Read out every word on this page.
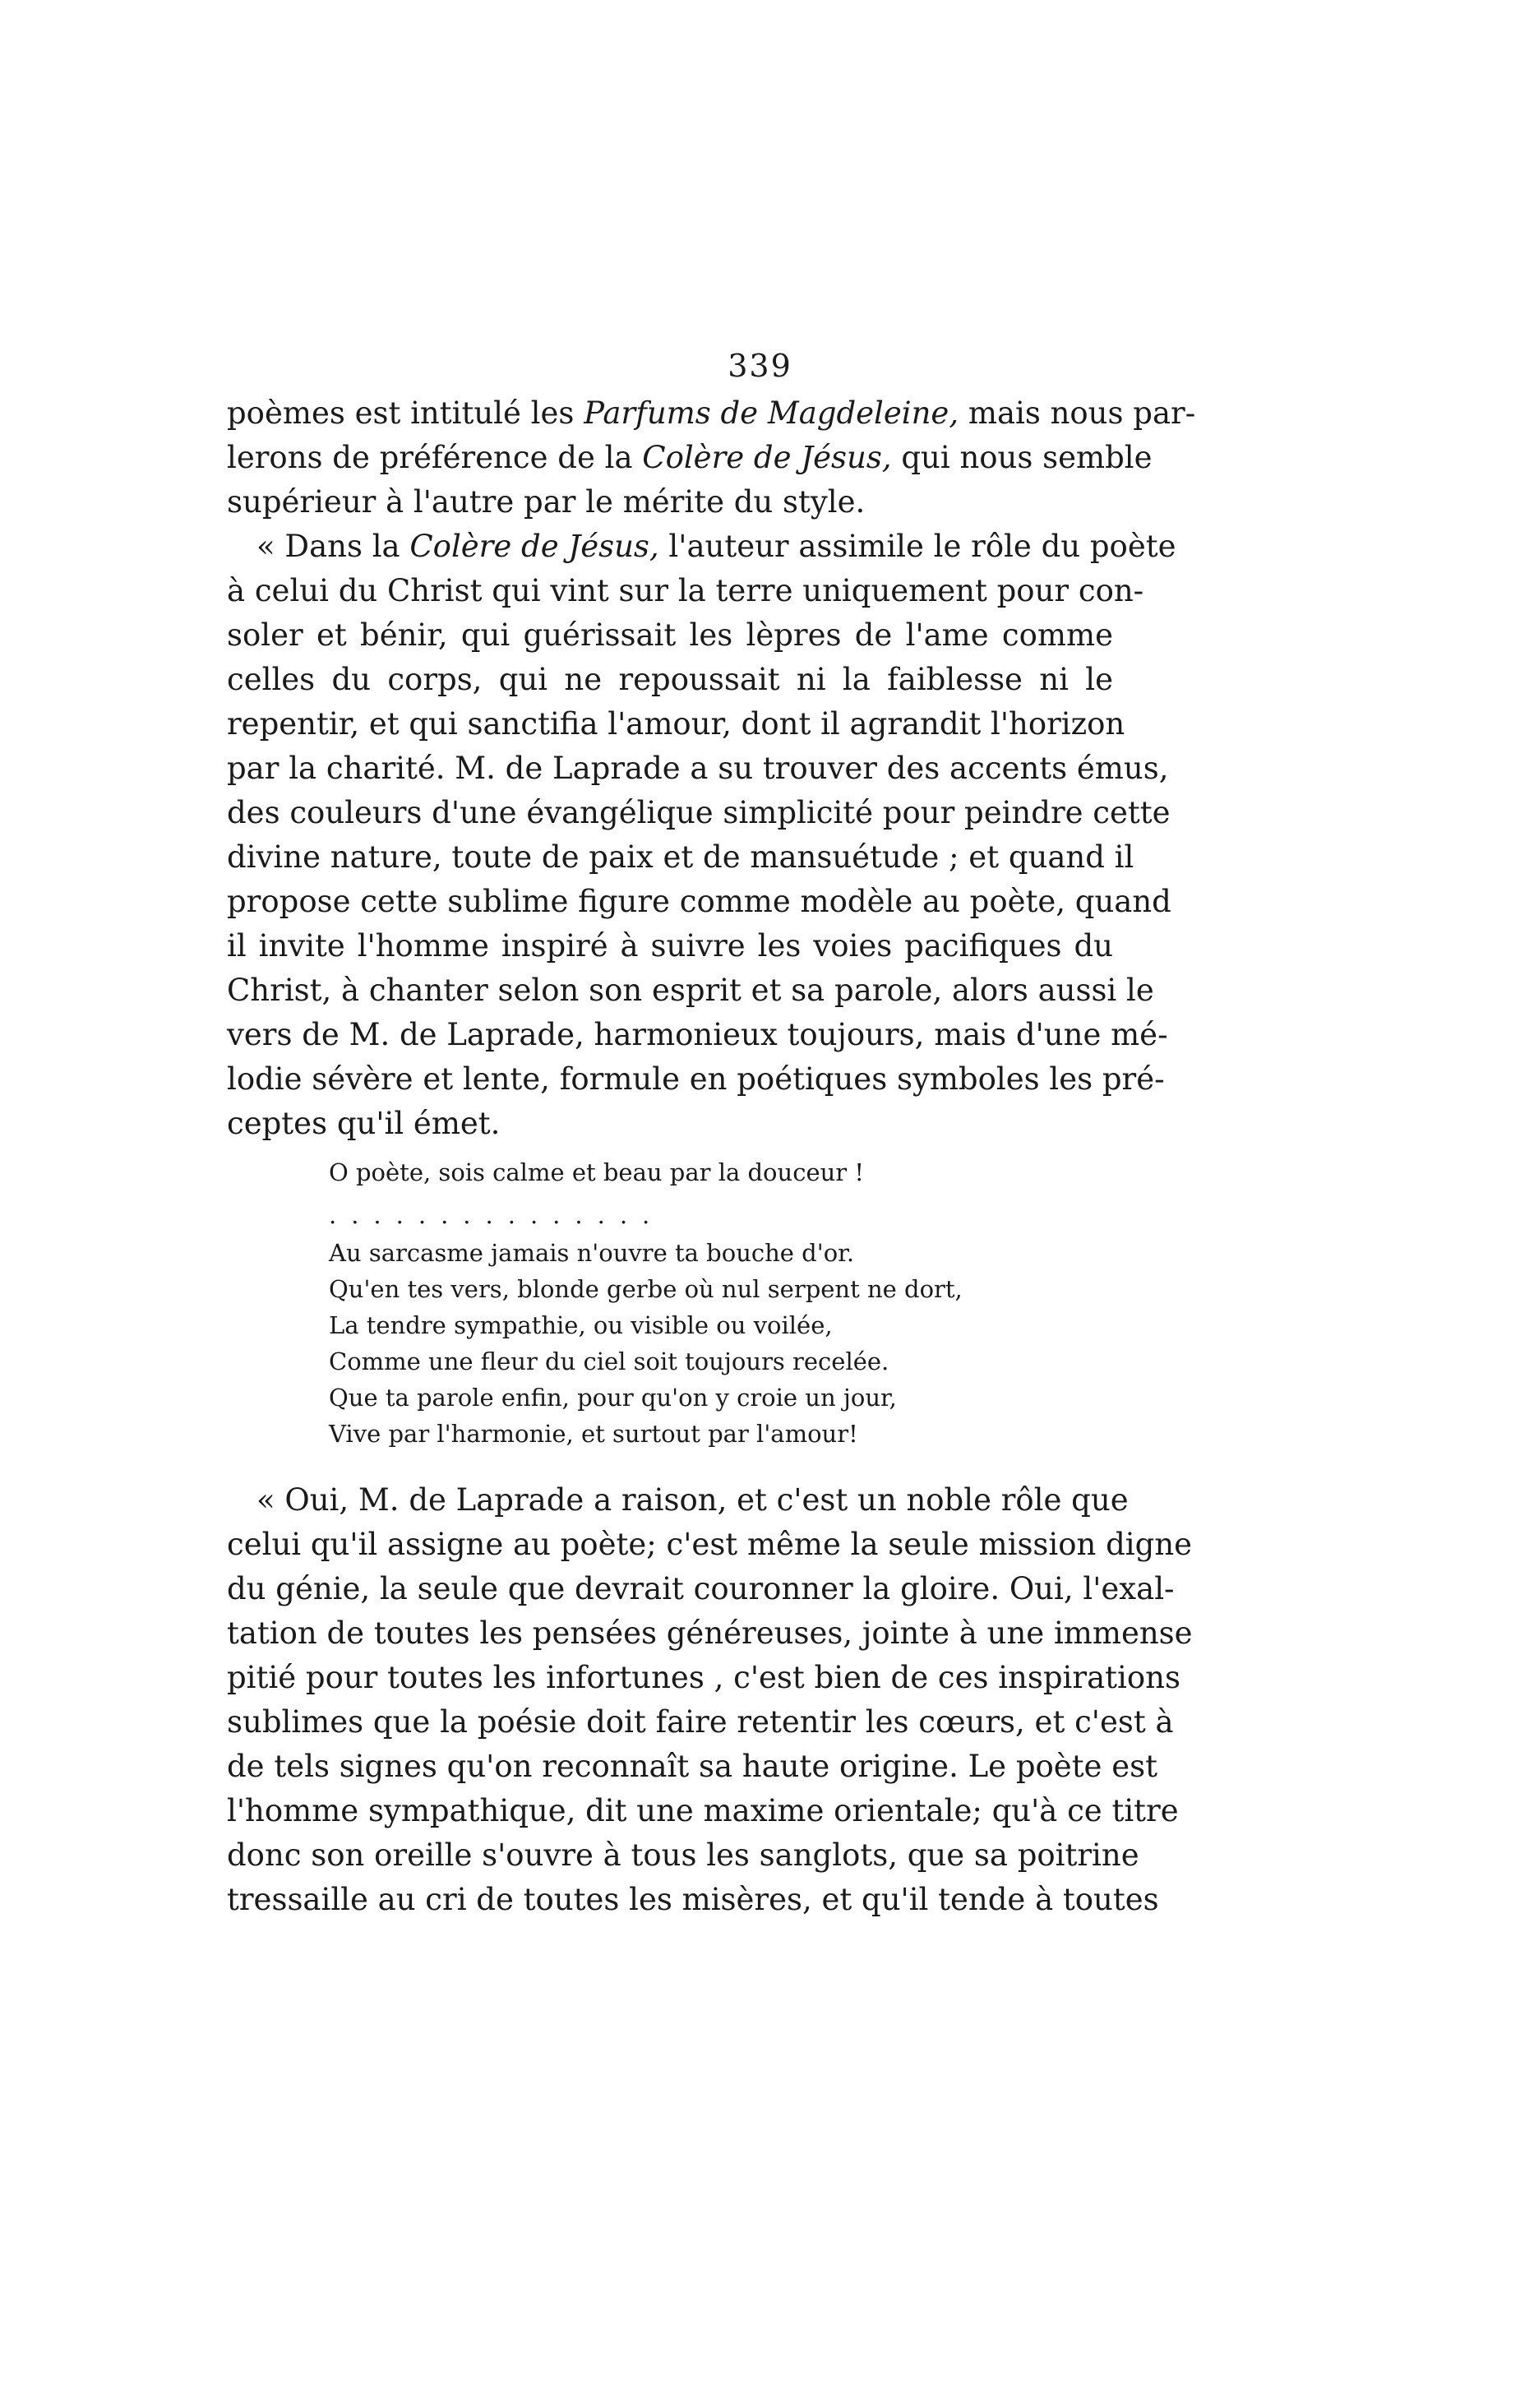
339
poèmes est intitulé les Parfums de Magdeleine, mais nous par-
lerons de préférence de la Colère de Jésus, qui nous semble
supérieur à l'autre par le mérite du style.
« Dans la Colère de Jésus, l'auteur assimile le rôle du poète
à celui du Christ qui vint sur la terre uniquement pour con-
soler et bénir, qui guérissait les lèpres de l'ame comme
celles du corps, qui ne repoussait ni la faiblesse ni le
repentir, et qui sanctifia l'amour, dont il agrandit l'horizon
par la charité. M. de Laprade a su trouver des accents émus,
des couleurs d'une évangélique simplicité pour peindre cette
divine nature, toute de paix et de mansuétude ; et quand il
propose cette sublime figure comme modèle au poète, quand
il invite l'homme inspiré à suivre les voies pacifiques du
Christ, à chanter selon son esprit et sa parole, alors aussi le
vers de M. de Laprade, harmonieux toujours, mais d'une mé-
lodie sévère et lente, formule en poétiques symboles les pré-
ceptes qu'il émet.
O poète, sois calme et beau par la douceur !
...............
Au sarcasme jamais n'ouvre ta bouche d'or.
Qu'en tes vers, blonde gerbe où nul serpent ne dort,
La tendre sympathie, ou visible ou voilée,
Comme une fleur du ciel soit toujours recelée.
Que ta parole enfin, pour qu'on y croie un jour,
Vive par l'harmonie, et surtout par l'amour!
« Oui, M. de Laprade a raison, et c'est un noble rôle que
celui qu'il assigne au poète; c'est même la seule mission digne
du génie, la seule que devrait couronner la gloire. Oui, l'exal-
tation de toutes les pensées généreuses, jointe à une immense
pitié pour toutes les infortunes , c'est bien de ces inspirations
sublimes que la poésie doit faire retentir les cœurs, et c'est à
de tels signes qu'on reconnaît sa haute origine. Le poète est
l'homme sympathique, dit une maxime orientale; qu'à ce titre
donc son oreille s'ouvre à tous les sanglots, que sa poitrine
tressaille au cri de toutes les misères, et qu'il tende à toutes
